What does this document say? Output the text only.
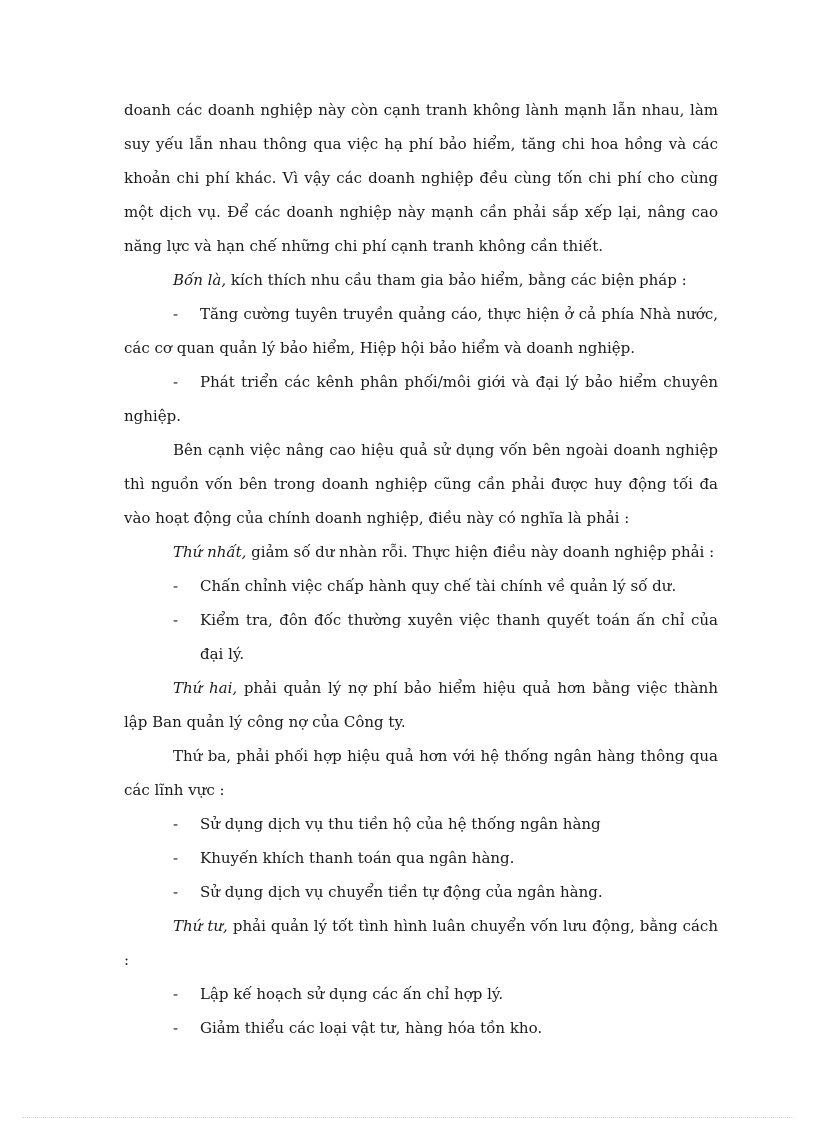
doanh các doanh nghiệp này còn cạnh tranh không lành mạnh lẫn nhau, làm suy yếu lẫn nhau thông qua việc hạ phí bảo hiểm, tăng chi hoa hồng và các khoản chi phí khác. Vì vậy các doanh nghiệp đều cùng tốn chi phí cho cùng một dịch vụ. Để các doanh nghiệp này mạnh cần phải sắp xếp lại, nâng cao năng lực và hạn chế những chi phí cạnh tranh không cần thiết.

Bốn là, kích thích nhu cầu tham gia bảo hiểm, bằng các biện pháp :

- Tăng cường tuyên truyền quảng cáo, thực hiện ở cả phía Nhà nước, các cơ quan quản lý bảo hiểm, Hiệp hội bảo hiểm và doanh nghiệp.

- Phát triển các kênh phân phối/môi giới và đại lý bảo hiểm chuyên nghiệp.

Bên cạnh việc nâng cao hiệu quả sử dụng vốn bên ngoài doanh nghiệp thì nguồn vốn bên trong doanh nghiệp cũng cần phải được huy động tối đa vào hoạt động của chính doanh nghiệp, điều này có nghĩa là phải :

Thứ nhất, giảm số dư nhàn rỗi. Thực hiện điều này doanh nghiệp phải :

- Chấn chỉnh việc chấp hành quy chế tài chính về quản lý số dư.

- Kiểm tra, đôn đốc thường xuyên việc thanh quyết toán ấn chỉ của đại lý.

Thứ hai, phải quản lý nợ phí bảo hiểm hiệu quả hơn bằng việc thành lập Ban quản lý công nợ của Công ty.

Thứ ba, phải phối hợp hiệu quả hơn với hệ thống ngân hàng thông qua các lĩnh vực :

- Sử dụng dịch vụ thu tiền hộ của hệ thống ngân hàng

- Khuyến khích thanh toán qua ngân hàng.

- Sử dụng dịch vụ chuyển tiền tự động của ngân hàng.

Thứ tư, phải quản lý tốt tình hình luân chuyển vốn lưu động, bằng cách :

- Lập kế hoạch sử dụng các ấn chỉ hợp lý.

- Giảm thiểu các loại vật tư, hàng hóa tồn kho.
